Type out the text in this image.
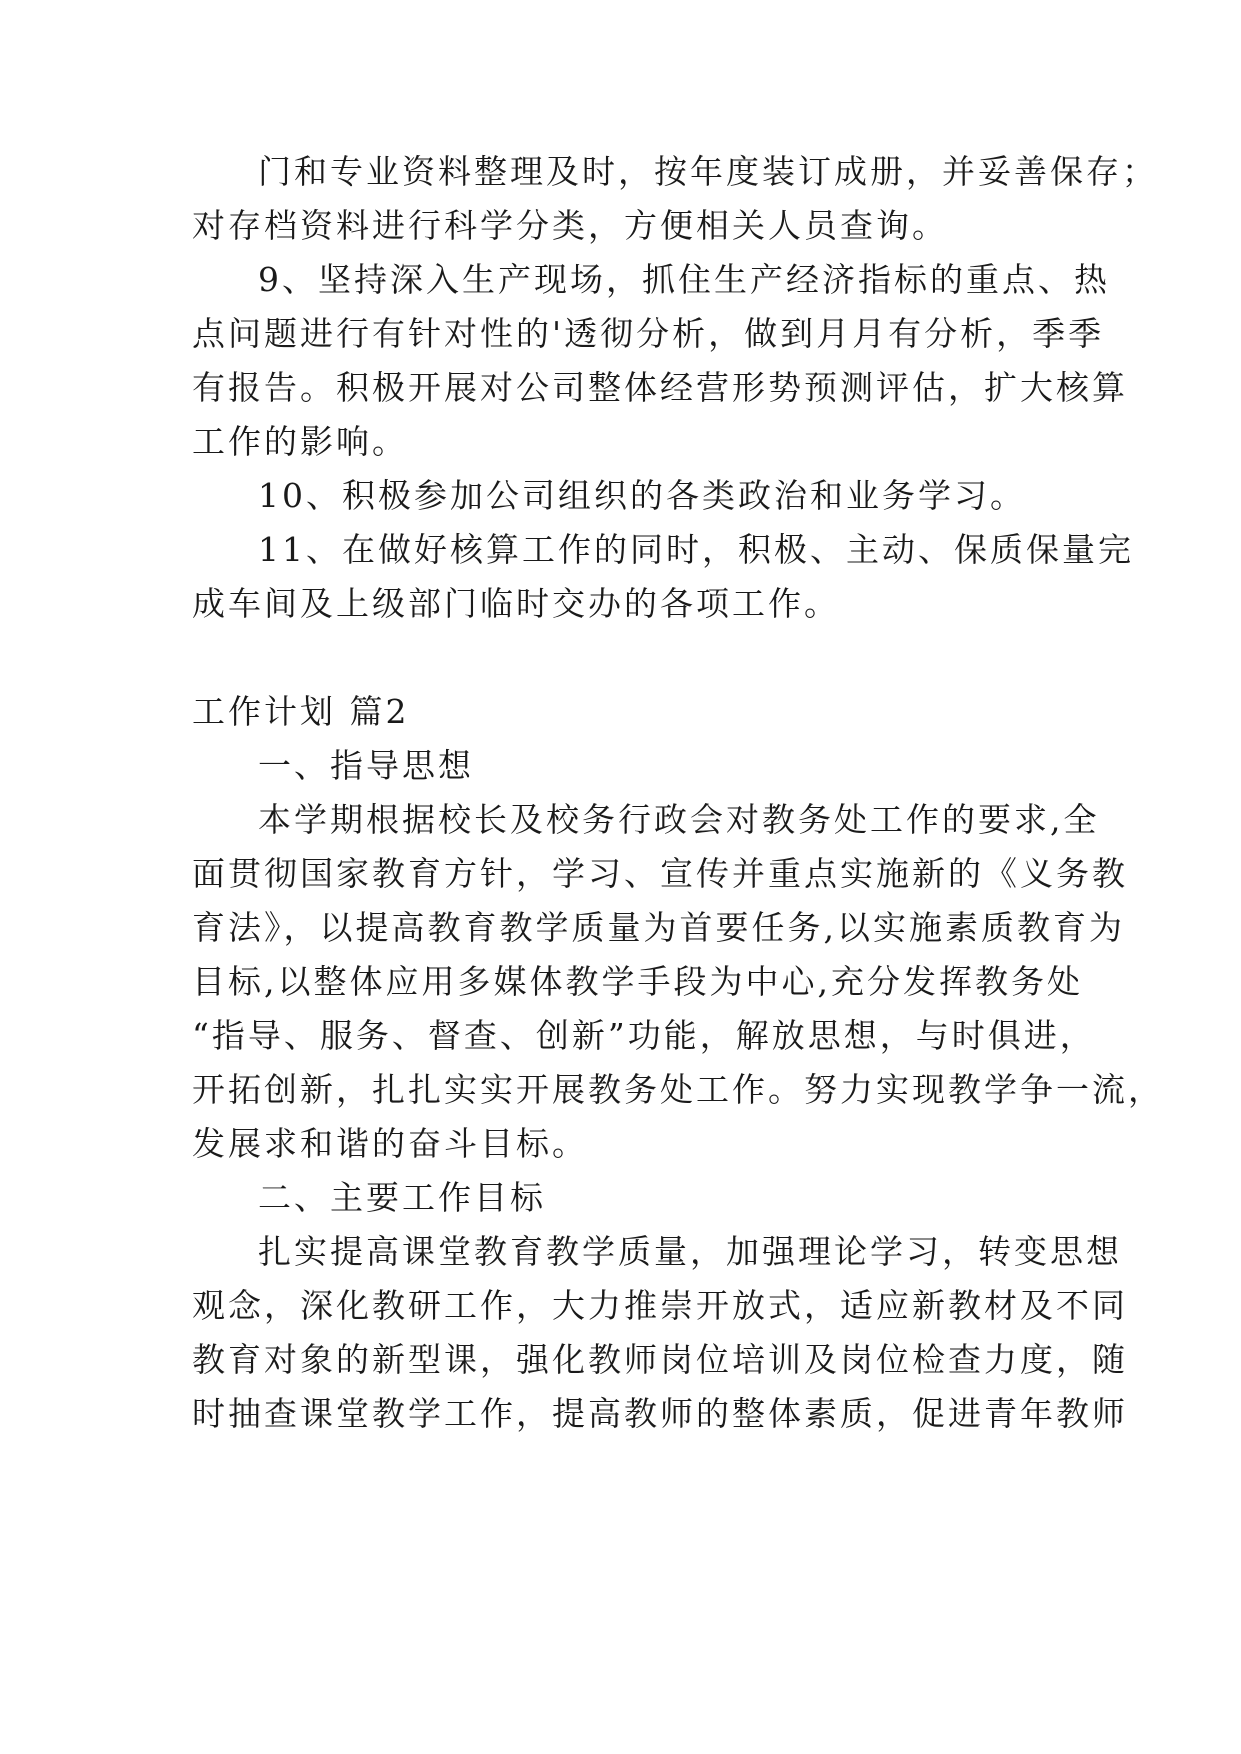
门和专业资料整理及时，按年度装订成册，并妥善保存；
对存档资料进行科学分类，方便相关人员查询。
9、坚持深入生产现场，抓住生产经济指标的重点、热
点问题进行有针对性的'透彻分析，做到月月有分析，季季
有报告。积极开展对公司整体经营形势预测评估，扩大核算
工作的影响。
10、积极参加公司组织的各类政治和业务学习。
11、在做好核算工作的同时，积极、主动、保质保量完
成车间及上级部门临时交办的各项工作。
工作计划 篇2
一、指导思想
本学期根据校长及校务行政会对教务处工作的要求,全
面贯彻国家教育方针，学习、宣传并重点实施新的《义务教
育法》，以提高教育教学质量为首要任务,以实施素质教育为
目标,以整体应用多媒体教学手段为中心,充分发挥教务处
“指导、服务、督查、创新”功能，解放思想，与时俱进，
开拓创新，扎扎实实开展教务处工作。努力实现教学争一流，
发展求和谐的奋斗目标。
二、主要工作目标
扎实提高课堂教育教学质量，加强理论学习，转变思想
观念，深化教研工作，大力推崇开放式，适应新教材及不同
教育对象的新型课，强化教师岗位培训及岗位检查力度，随
时抽查课堂教学工作，提高教师的整体素质，促进青年教师
